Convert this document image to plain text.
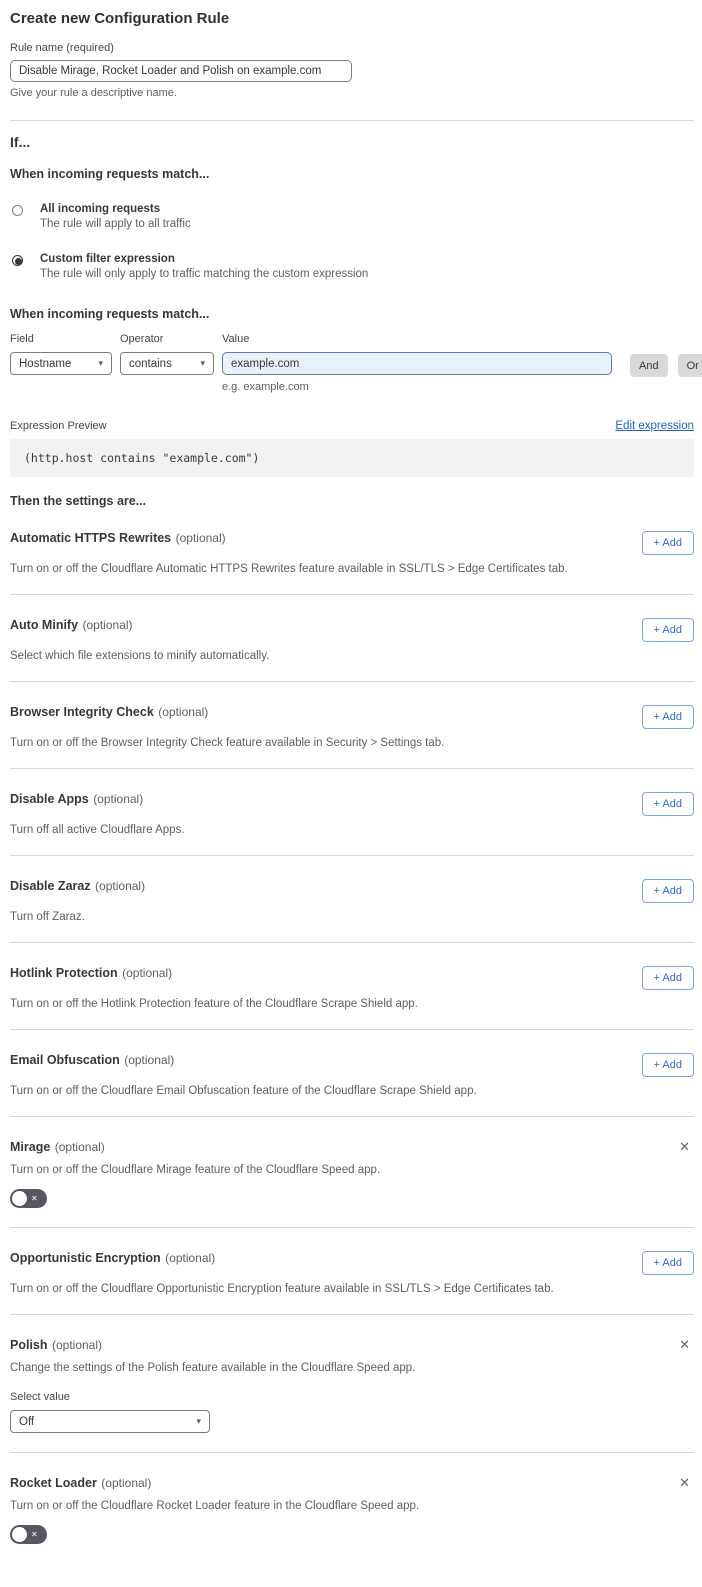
Create new Configuration Rule
Rule name (required)
Disable Mirage, Rocket Loader and Polish on example.com
Give your rule a descriptive name.
If...
When incoming requests match...
All incoming requests
The rule will apply to all traffic
Custom filter expression
The rule will only apply to traffic matching the custom expression
When incoming requests match...
Field
Hostname	▾
Operator
contains	▾
Value
example.com
e.g. example.com
And	Or
Expression Preview	Edit expression
(http.host contains "example.com")
Then the settings are...
Automatic HTTPS Rewrites (optional)	+ Add

Turn on or off the Cloudflare Automatic HTTPS Rewrites feature available in SSL/TLS > Edge Certificates tab.

Auto Minify (optional)	+ Add

Select which file extensions to minify automatically.

Browser Integrity Check (optional)	+ Add

Turn on or off the Browser Integrity Check feature available in Security > Settings tab.

Disable Apps (optional)	+ Add

Turn off all active Cloudflare Apps.

Disable Zaraz (optional)	+ Add

Turn off Zaraz.

Hotlink Protection (optional)	+ Add

Turn on or off the Hotlink Protection feature of the Cloudflare Scrape Shield app.

Email Obfuscation (optional)	+ Add

Turn on or off the Cloudflare Email Obfuscation feature of the Cloudflare Scrape Shield app.

Mirage (optional)	✕

Turn on or off the Cloudflare Mirage feature of the Cloudflare Speed app.

✕
Opportunistic Encryption (optional)	+ Add

Turn on or off the Cloudflare Opportunistic Encryption feature available in SSL/TLS > Edge Certificates tab.

Polish (optional)	✕

Change the settings of the Polish feature available in the Cloudflare Speed app.

Select value
Off	▾
Rocket Loader (optional)	✕

Turn on or off the Cloudflare Rocket Loader feature in the Cloudflare Speed app.

✕
